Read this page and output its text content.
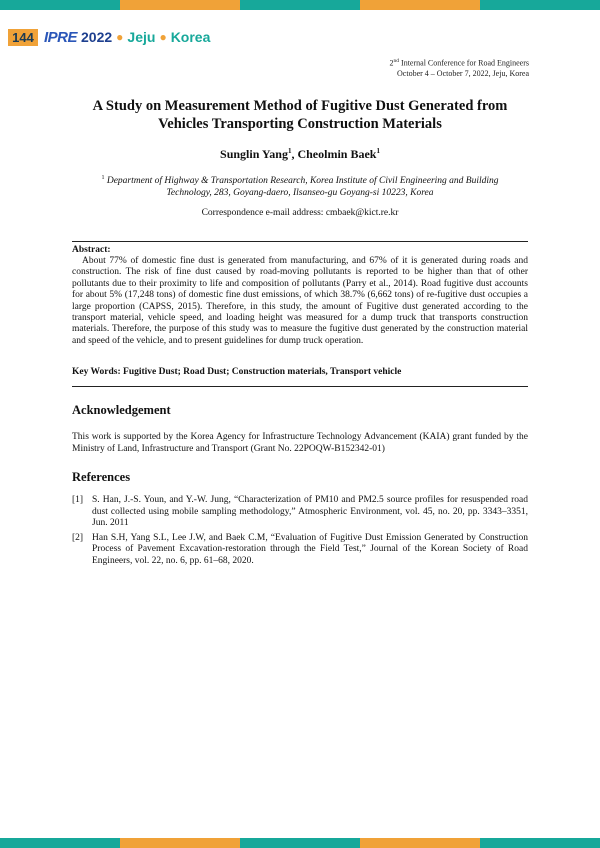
144 IPRE 2022 ● Jeju ● Korea
2nd Internal Conference for Road Engineers
October 4 – October 7, 2022, Jeju, Korea
A Study on Measurement Method of Fugitive Dust Generated from
Vehicles Transporting Construction Materials
Sunglin Yang$^1$, Cheolmin Baek$^1$
$^1$ Department of Highway & Transportation Research, Korea Institute of Civil Engineering and Building Technology, 283, Goyang-daero, Ilsanseo-gu Goyang-si 10223, Korea
Correspondence e-mail address: cmbaek@kict.re.kr
Abstract:
About 77% of domestic fine dust is generated from manufacturing, and 67% of it is generated during roads and construction. The risk of fine dust caused by road-moving pollutants is reported to be higher than that of other pollutants due to their proximity to life and composition of pollutants (Parry et al., 2014). Road fugitive dust accounts for about 5% (17,248 tons) of domestic fine dust emissions, of which 38.7% (6,662 tons) of re-fugitive dust occupies a large proportion (CAPSS, 2015). Therefore, in this study, the amount of Fugitive dust generated according to the transport material, vehicle speed, and loading height was measured for a dump truck that transports construction materials. Therefore, the purpose of this study was to measure the fugitive dust generated by the construction material and speed of the vehicle, and to present guidelines for dump truck operation.
Key Words: Fugitive Dust; Road Dust; Construction materials, Transport vehicle
Acknowledgement
This work is supported by the Korea Agency for Infrastructure Technology Advancement (KAIA) grant funded by the Ministry of Land, Infrastructure and Transport (Grant No. 22POQW-B152342-01)
References
[1] S. Han, J.-S. Youn, and Y.-W. Jung, “Characterization of PM10 and PM2.5 source profiles for resuspended road dust collected using mobile sampling methodology,” Atmospheric Environment, vol. 45, no. 20, pp. 3343–3351, Jun. 2011
[2] Han S.H, Yang S.L, Lee J.W, and Baek C.M, “Evaluation of Fugitive Dust Emission Generated by Construction Process of Pavement Excavation-restoration through the Field Test,” Journal of the Korean Society of Road Engineers, vol. 22, no. 6, pp. 61–68, 2020.
